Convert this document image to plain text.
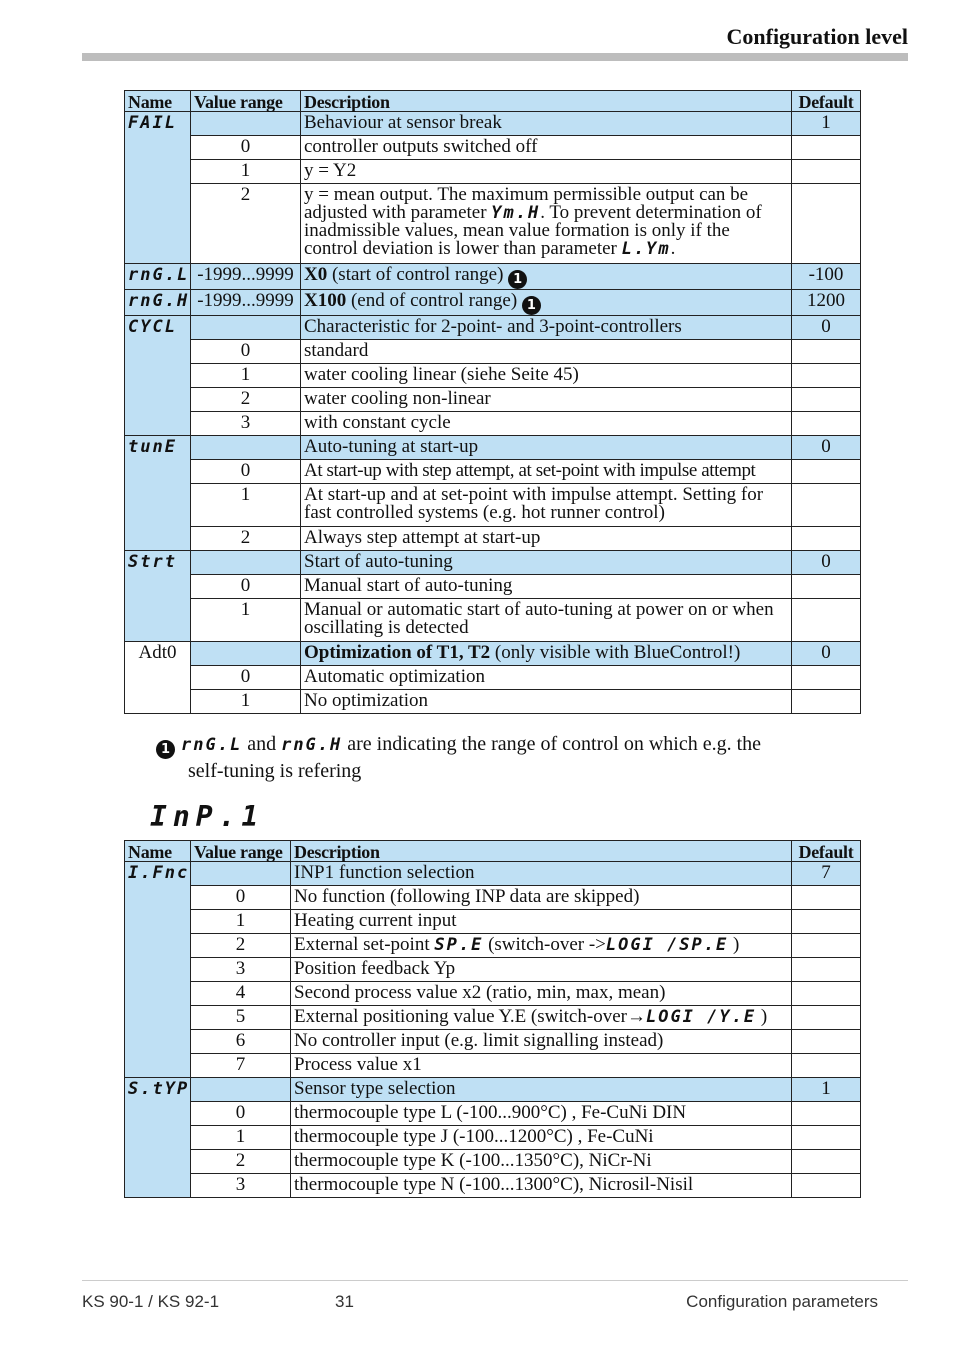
Configuration level
Name	Value range	Description	Default
FAIL		Behaviour at sensor break	1
	0	controller outputs switched off	
	1	y = Y2	
	2	y = mean output. The maximum permissible output can be adjusted with parameter Ym.H. To prevent determination of inadmissible values, mean value formation is only if the control deviation is lower than parameter L.Ym.	
rnG.L	-1999...9999	X0 (start of control range) 1	-100
rnG.H	-1999...9999	X100 (end of control range) 1	1200
CYCL		Characteristic for 2-point- and 3-point-controllers	0
	0	standard	
	1	water cooling linear (siehe Seite 45)	
	2	water cooling non-linear	
	3	with constant cycle	
tunE		Auto-tuning at start-up	0
	0	At start-up with step attempt, at set-point with impulse attempt	
	1	At start-up and at set-point with impulse attempt. Setting for fast controlled systems (e.g. hot runner control)	
	2	Always step attempt at start-up	
Strt		Start of auto-tuning	0
	0	Manual start of auto-tuning	
	1	Manual or automatic start of auto-tuning at power on or when oscillating is detected	
Adt0		Optimization of T1, T2 (only visible with BlueControl!)	0
	0	Automatic optimization	
	1	No optimization	
1 rnG.L and rnG.H are indicating the range of control on which e.g. the
self-tuning is refering
InP.1
Name	Value range	Description	Default
I.Fnc		INP1 function selection	7
	0	No function (following INP data are skipped)	
	1	Heating current input	
	2	External set-point SP.E (switch-over ->LOGI /SP.E )	
	3	Position feedback Yp	
	4	Second process value x2 (ratio, min, max, mean)	
	5	External positioning value Y.E (switch-over→LOGI /Y.E )	
	6	No controller input (e.g. limit signalling instead)	
	7	Process value x1	
S.tYP		Sensor type selection	1
	0	thermocouple type L (-100...900°C) , Fe-CuNi DIN	
	1	thermocouple type J (-100...1200°C) , Fe-CuNi	
	2	thermocouple type K (-100...1350°C), NiCr-Ni	
	3	thermocouple type N (-100...1300°C), Nicrosil-Nisil	
KS 90-1 / KS 92-1	31	Configuration parameters
